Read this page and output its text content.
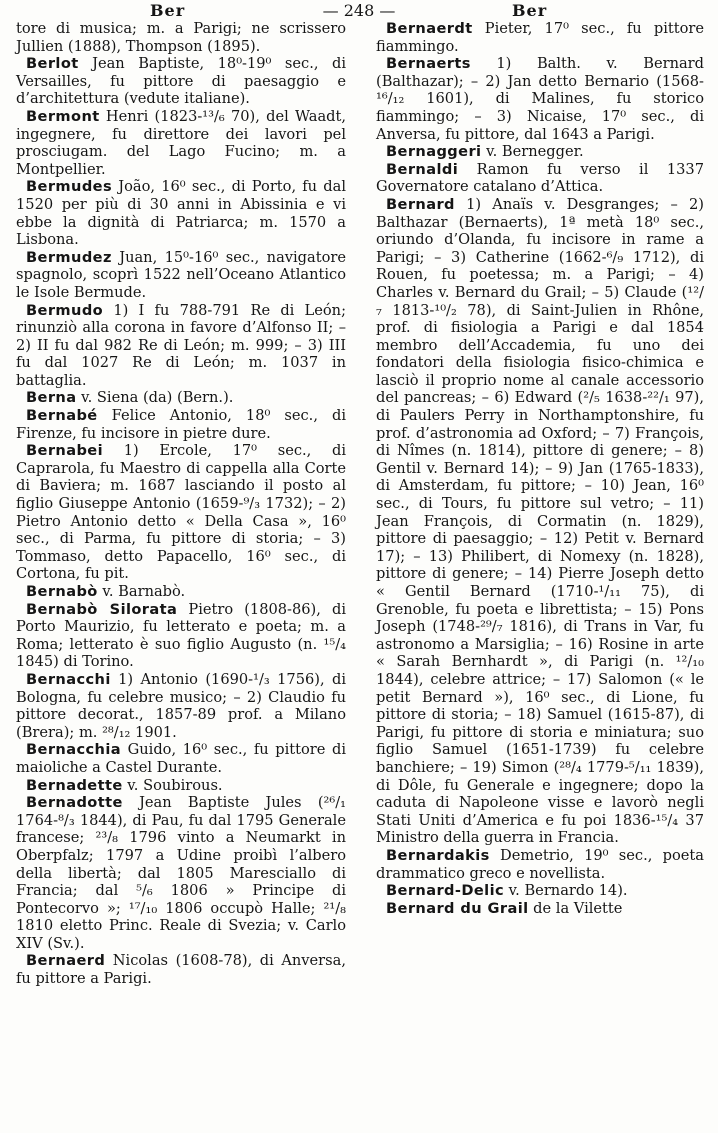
Ber	— 248 —	Ber

tore di musica; m. a Parigi; ne scrissero Jullien (1888), Thompson (1895).

Berlot Jean Baptiste, 18⁰-19⁰ sec., di Versailles, fu pittore di paesaggio e d’architettura (vedute italiane).

Bermont Henri (1823-¹³/₆ 70), del Waadt, ingegnere, fu direttore dei lavori pel prosciugam. del Lago Fucino; m. a Montpellier.

Bermudes João, 16⁰ sec., di Porto, fu dal 1520 per più di 30 anni in Abissinia e vi ebbe la dignità di Patriarca; m. 1570 a Lisbona.

Bermudez Juan, 15⁰-16⁰ sec., navigatore spagnolo, scoprì 1522 nell’Oceano Atlantico le Isole Bermude.

Bermudo 1) I fu 788-791 Re di León; rinunziò alla corona in favore d’Alfonso II; – 2) II fu dal 982 Re di León; m. 999; – 3) III fu dal 1027 Re di León; m. 1037 in battaglia.

Berna v. Siena (da) (Bern.).

Bernabé Felice Antonio, 18⁰ sec., di Firenze, fu incisore in pietre dure.

Bernabei 1) Ercole, 17⁰ sec., di Caprarola, fu Maestro di cappella alla Corte di Baviera; m. 1687 lasciando il posto al figlio Giuseppe Antonio (1659-⁹/₃ 1732); – 2) Pietro Antonio detto « Della Casa », 16⁰ sec., di Parma, fu pittore di storia; – 3) Tommaso, detto Papacello, 16⁰ sec., di Cortona, fu pit.

Bernabò v. Barnabò.

Bernabò Silorata Pietro (1808-86), di Porto Maurizio, fu letterato e poeta; m. a Roma; letterato è suo figlio Augusto (n. ¹⁵/₄ 1845) di Torino.

Bernacchi 1) Antonio (1690-¹/₃ 1756), di Bologna, fu celebre musico; – 2) Claudio fu pittore decorat., 1857-89 prof. a Milano (Brera); m. ²⁸/₁₂ 1901.

Bernacchia Guido, 16⁰ sec., fu pittore di maioliche a Castel Durante.

Bernadette v. Soubirous.

Bernadotte Jean Baptiste Jules (²⁶/₁ 1764-⁸/₃ 1844), di Pau, fu dal 1795 Generale francese; ²³/₈ 1796 vinto a Neumarkt in Oberpfalz; 1797 a Udine proibì l’albero della libertà; dal 1805 Maresciallo di Francia; dal ⁵/₆ 1806 » Principe di Pontecorvo »; ¹⁷/₁₀ 1806 occupò Halle; ²¹/₈ 1810 eletto Princ. Reale di Svezia; v. Carlo XIV (Sv.).

Bernaerd Nicolas (1608-78), di Anversa, fu pittore a Parigi.

Bernaerdt Pieter, 17⁰ sec., fu pittore fiammingo.

Bernaerts 1) Balth. v. Bernard (Balthazar); – 2) Jan detto Bernario (1568-¹⁶/₁₂ 1601), di Malines, fu storico fiammingo; – 3) Nicaise, 17⁰ sec., di Anversa, fu pittore, dal 1643 a Parigi.

Bernaggeri v. Bernegger.

Bernaldi Ramon fu verso il 1337 Governatore catalano d’Attica.

Bernard 1) Anaïs v. Desgranges; – 2) Balthazar (Bernaerts), 1ª metà 18⁰ sec., oriundo d’Olanda, fu incisore in rame a Parigi; – 3) Catherine (1662-⁶/₉ 1712), di Rouen, fu poetessa; m. a Parigi; – 4) Charles v. Bernard du Grail; – 5) Claude (¹²/₇ 1813-¹⁰/₂ 78), di Saint-Julien in Rhône, prof. di fisiologia a Parigi e dal 1854 membro dell’Accademia, fu uno dei fondatori della fisiologia fisico-chimica e lasciò il proprio nome al canale accessorio del pancreas; – 6) Edward (²/₅ 1638-²²/₁ 97), di Paulers Perry in Northamptonshire, fu prof. d’astronomia ad Oxford; – 7) François, di Nîmes (n. 1814), pittore di genere; – 8) Gentil v. Bernard 14); – 9) Jan (1765-1833), di Amsterdam, fu pittore; – 10) Jean, 16⁰ sec., di Tours, fu pittore sul vetro; – 11) Jean François, di Cormatin (n. 1829), pittore di paesaggio; – 12) Petit v. Bernard 17); – 13) Philibert, di Nomexy (n. 1828), pittore di genere; – 14) Pierre Joseph detto « Gentil Bernard (1710-¹/₁₁ 75), di Grenoble, fu poeta e librettista; – 15) Pons Joseph (1748-²⁹/₇ 1816), di Trans in Var, fu astronomo a Marsiglia; – 16) Rosine in arte « Sarah Bernhardt », di Parigi (n. ¹²/₁₀ 1844), celebre attrice; – 17) Salomon (« le petit Bernard »), 16⁰ sec., di Lione, fu pittore di storia; – 18) Samuel (1615-87), di Parigi, fu pittore di storia e miniatura; suo figlio Samuel (1651-1739) fu celebre banchiere; – 19) Simon (²⁸/₄ 1779-⁵/₁₁ 1839), di Dôle, fu Generale e ingegnere; dopo la caduta di Napoleone visse e lavorò negli Stati Uniti d’America e fu poi 1836-¹⁵/₄ 37 Ministro della guerra in Francia.

Bernardakis Demetrio, 19⁰ sec., poeta drammatico greco e novellista.

Bernard-Delic v. Bernardo 14).

Bernard du Grail de la Vilette
